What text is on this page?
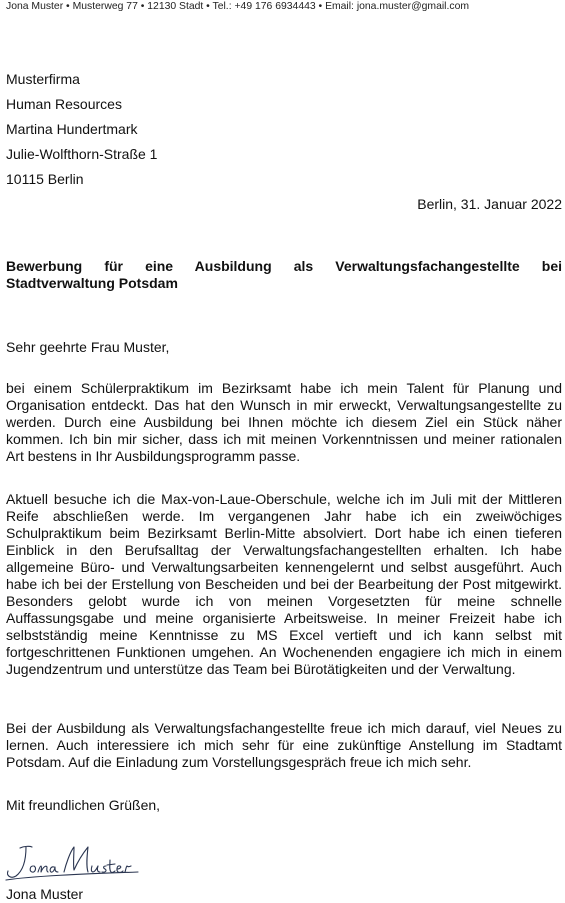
Jona Muster • Musterweg 77 • 12130 Stadt • Tel.: +49 176 6934443 • Email: jona.muster@gmail.com
Musterfirma
Human Resources
Martina Hundertmark
Julie-Wolfthorn-Straße 1
10115 Berlin
Berlin, 31. Januar 2022
Bewerbung für eine Ausbildung als Verwaltungsfachangestellte bei Stadtverwaltung Potsdam
Sehr geehrte Frau Muster,
bei einem Schülerpraktikum im Bezirksamt habe ich mein Talent für Planung und Organisation entdeckt. Das hat den Wunsch in mir erweckt, Verwaltungsangestellte zu werden. Durch eine Ausbildung bei Ihnen möchte ich diesem Ziel ein Stück näher kommen. Ich bin mir sicher, dass ich mit meinen Vorkenntnissen und meiner rationalen Art bestens in Ihr Ausbildungsprogramm passe.
Aktuell besuche ich die Max-von-Laue-Oberschule, welche ich im Juli mit der Mittleren Reife abschließen werde. Im vergangenen Jahr habe ich ein zweiwöchiges Schulpraktikum beim Bezirksamt Berlin-Mitte absolviert. Dort habe ich einen tieferen Einblick in den Berufsalltag der Verwaltungsfachangestellten erhalten. Ich habe allgemeine Büro- und Verwaltungsarbeiten kennengelernt und selbst ausgeführt. Auch habe ich bei der Erstellung von Bescheiden und bei der Bearbeitung der Post mitgewirkt. Besonders gelobt wurde ich von meinen Vorgesetzten für meine schnelle Auffassungsgabe und meine organisierte Arbeitsweise. In meiner Freizeit habe ich selbstständig meine Kenntnisse zu MS Excel vertieft und ich kann selbst mit fortgeschrittenen Funktionen umgehen. An Wochenenden engagiere ich mich in einem Jugendzentrum und unterstütze das Team bei Bürotätigkeiten und der Verwaltung.
Bei der Ausbildung als Verwaltungsfachangestellte freue ich mich darauf, viel Neues zu lernen. Auch interessiere ich mich sehr für eine zukünftige Anstellung im Stadtamt Potsdam. Auf die Einladung zum Vorstellungsgespräch freue ich mich sehr.
Mit freundlichen Grüßen,
Jona Muster
